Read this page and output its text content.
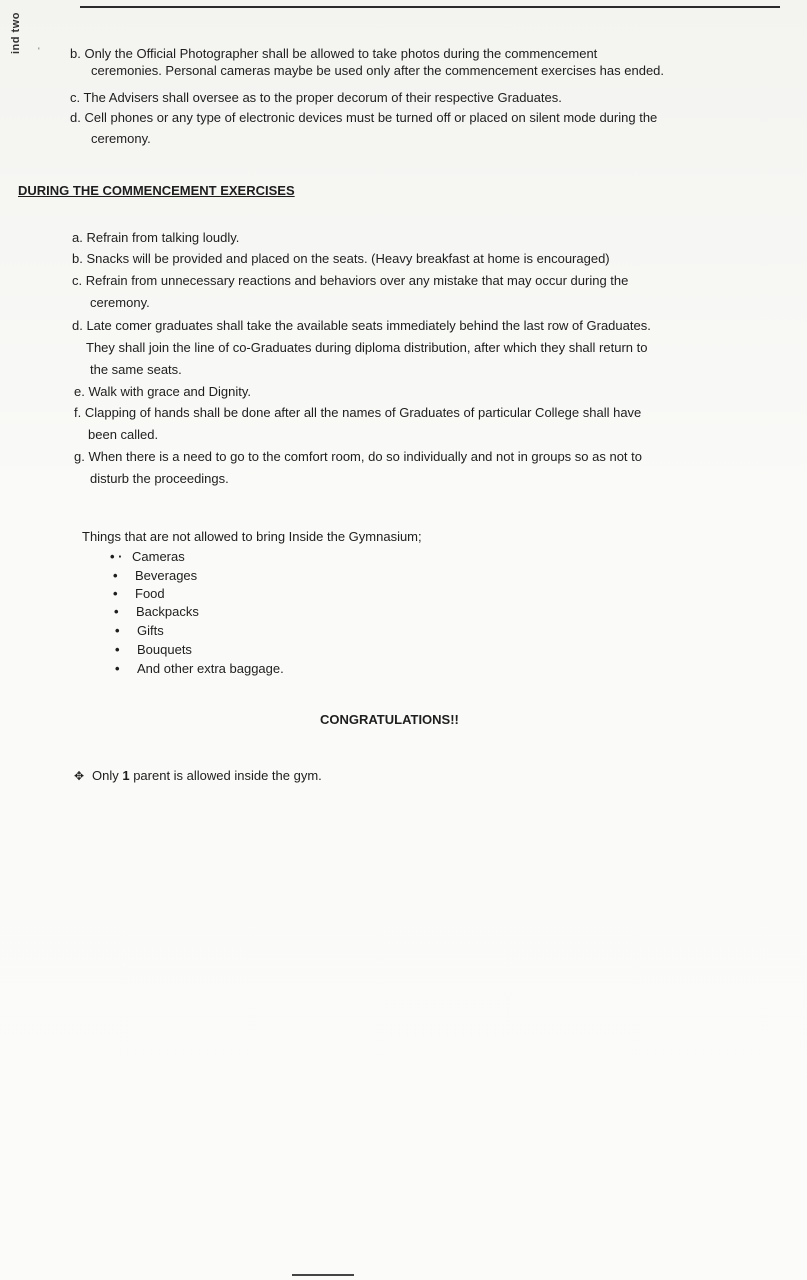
ind two ' b. Only the Official Photographer shall be allowed to take photos during the commencement
ceremonies. Personal cameras maybe be used only after the commencement exercises has ended.
c. The Advisers shall oversee as to the proper decorum of their respective Graduates.
d. Cell phones or any type of electronic devices must be turned off or placed on silent mode during the
ceremony.
DURING THE COMMENCEMENT EXERCISES
a. Refrain from talking loudly.
b. Snacks will be provided and placed on the seats. (Heavy breakfast at home is encouraged)
c. Refrain from unnecessary reactions and behaviors over any mistake that may occur during the
ceremony.
d. Late comer graduates shall take the available seats immediately behind the last row of Graduates.
They shall join the line of co-Graduates during diploma distribution, after which they shall return to
the same seats.
e. Walk with grace and Dignity.
f. Clapping of hands shall be done after all the names of Graduates of particular College shall have
been called.
g. When there is a need to go to the comfort room, do so individually and not in groups so as not to
disturb the proceedings.
Things that are not allowed to bring Inside the Gymnasium;
• · Cameras
• Beverages
• Food
• Backpacks
• Gifts
• Bouquets
• And other extra baggage.
CONGRATULATIONS!!
✥ Only 1 parent is allowed inside the gym.
